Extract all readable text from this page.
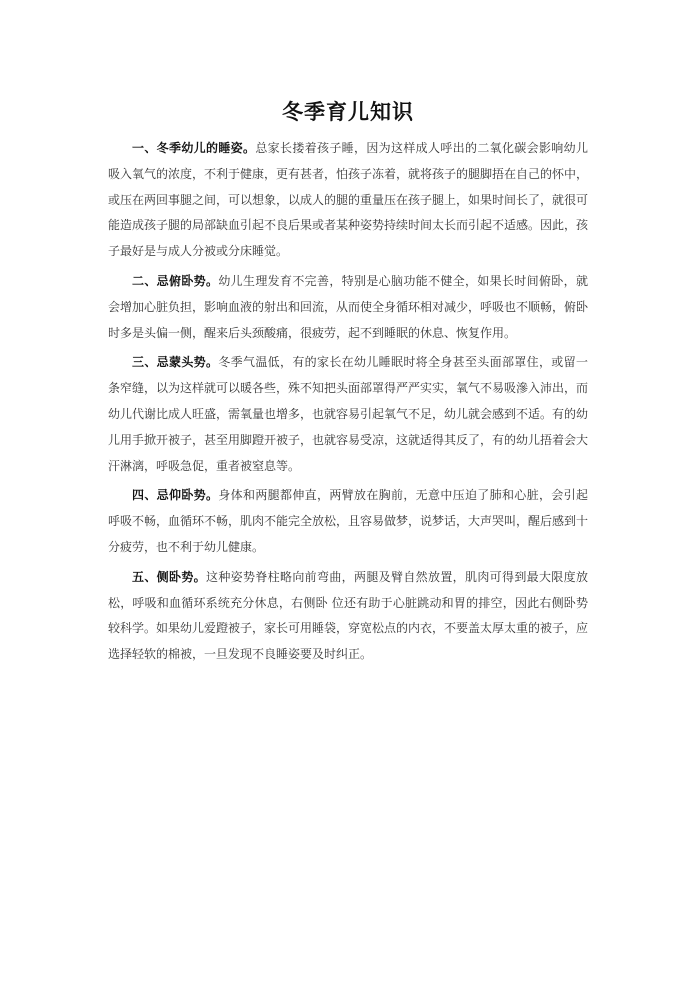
冬季育儿知识

一、冬季幼儿的睡姿。总家长搂着孩子睡，因为这样成人呼出的二氧化碳会影响幼儿吸入氧气的浓度，不利于健康，更有甚者，怕孩子冻着，就将孩子的腿脚捂在自己的怀中，或压在两回事腿之间，可以想象，以成人的腿的重量压在孩子腿上，如果时间长了，就很可能造成孩子腿的局部缺血引起不良后果或者某种姿势持续时间太长而引起不适感。因此，孩子最好是与成人分被或分床睡觉。

二、忌俯卧势。幼儿生理发育不完善，特别是心脑功能不健全，如果长时间俯卧，就会增加心脏负担，影响血液的射出和回流，从而使全身循环相对减少，呼吸也不顺畅，俯卧时多是头偏一侧，醒来后头颈酸痛，很疲劳，起不到睡眠的休息、恢复作用。

三、忌蒙头势。冬季气温低，有的家长在幼儿睡眠时将全身甚至头面部罩住，或留一条窄缝，以为这样就可以暖各些，殊不知把头面部罩得严严实实，氧气不易吸滲入沛出，而幼儿代谢比成人旺盛，需氧量也增多，也就容易引起氧气不足，幼儿就会感到不适。有的幼儿用手掀开被子，甚至用脚蹬开被子，也就容易受凉，这就适得其反了，有的幼儿捂着会大汗淋漓，呼吸急促，重者被窒息等。

四、忌仰卧势。身体和两腿都伸直，两臂放在胸前，无意中压迫了肺和心脏，会引起呼吸不畅，血循环不畅，肌肉不能完全放松，且容易做梦，说梦话，大声哭叫，醒后感到十分疲劳，也不利于幼儿健康。

五、侧卧势。这种姿势脊柱略向前弯曲，两腿及臂自然放置，肌肉可得到最大限度放松，呼吸和血循环系统充分休息，右侧卧 位还有助于心脏跳动和胃的排空，因此右侧卧势较科学。如果幼儿爱蹬被子，家长可用睡袋，穿宽松点的内衣，不要盖太厚太重的被子，应选择轻软的棉被，一旦发现不良睡姿要及时纠正。
